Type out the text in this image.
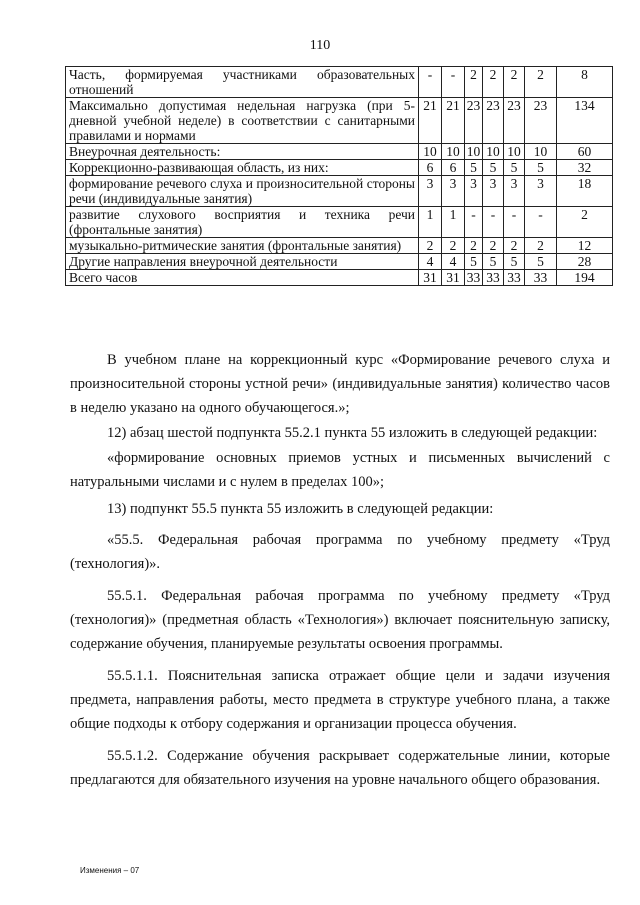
110
Часть, формируемая участниками образовательных отношений	-	-	2	2	2	2	8
Максимально допустимая недельная нагрузка (при 5-дневной учебной неделе) в соответствии с санитарными правилами и нормами	21	21	23	23	23	23	134
Внеурочная деятельность:	10	10	10	10	10	10	60
Коррекционно-развивающая область, из них:	6	6	5	5	5	5	32
формирование речевого слуха и произносительной стороны речи (индивидуальные занятия)	3	3	3	3	3	3	18
развитие слухового восприятия и техника речи (фронтальные занятия)	1	1	-	-	-	-	2
музыкально-ритмические занятия (фронтальные занятия)	2	2	2	2	2	2	12
Другие направления внеурочной деятельности	4	4	5	5	5	5	28
Всего часов	31	31	33	33	33	33	194

В учебном плане на коррекционный курс «Формирование речевого слуха и произносительной стороны устной речи» (индивидуальные занятия) количество часов в неделю указано на одного обучающегося.»;

12) абзац шестой подпункта 55.2.1 пункта 55 изложить в следующей редакции:

«формирование основных приемов устных и письменных вычислений с натуральными числами и с нулем в пределах 100»;

13) подпункт 55.5 пункта 55 изложить в следующей редакции:

«55.5. Федеральная рабочая программа по учебному предмету «Труд (технология)».

55.5.1. Федеральная рабочая программа по учебному предмету «Труд (технология)» (предметная область «Технология») включает пояснительную записку, содержание обучения, планируемые результаты освоения программы.

55.5.1.1. Пояснительная записка отражает общие цели и задачи изучения предмета, направления работы, место предмета в структуре учебного плана, а также общие подходы к отбору содержания и организации процесса обучения.

55.5.1.2. Содержание обучения раскрывает содержательные линии, которые предлагаются для обязательного изучения на уровне начального общего образования.

Изменения – 07
